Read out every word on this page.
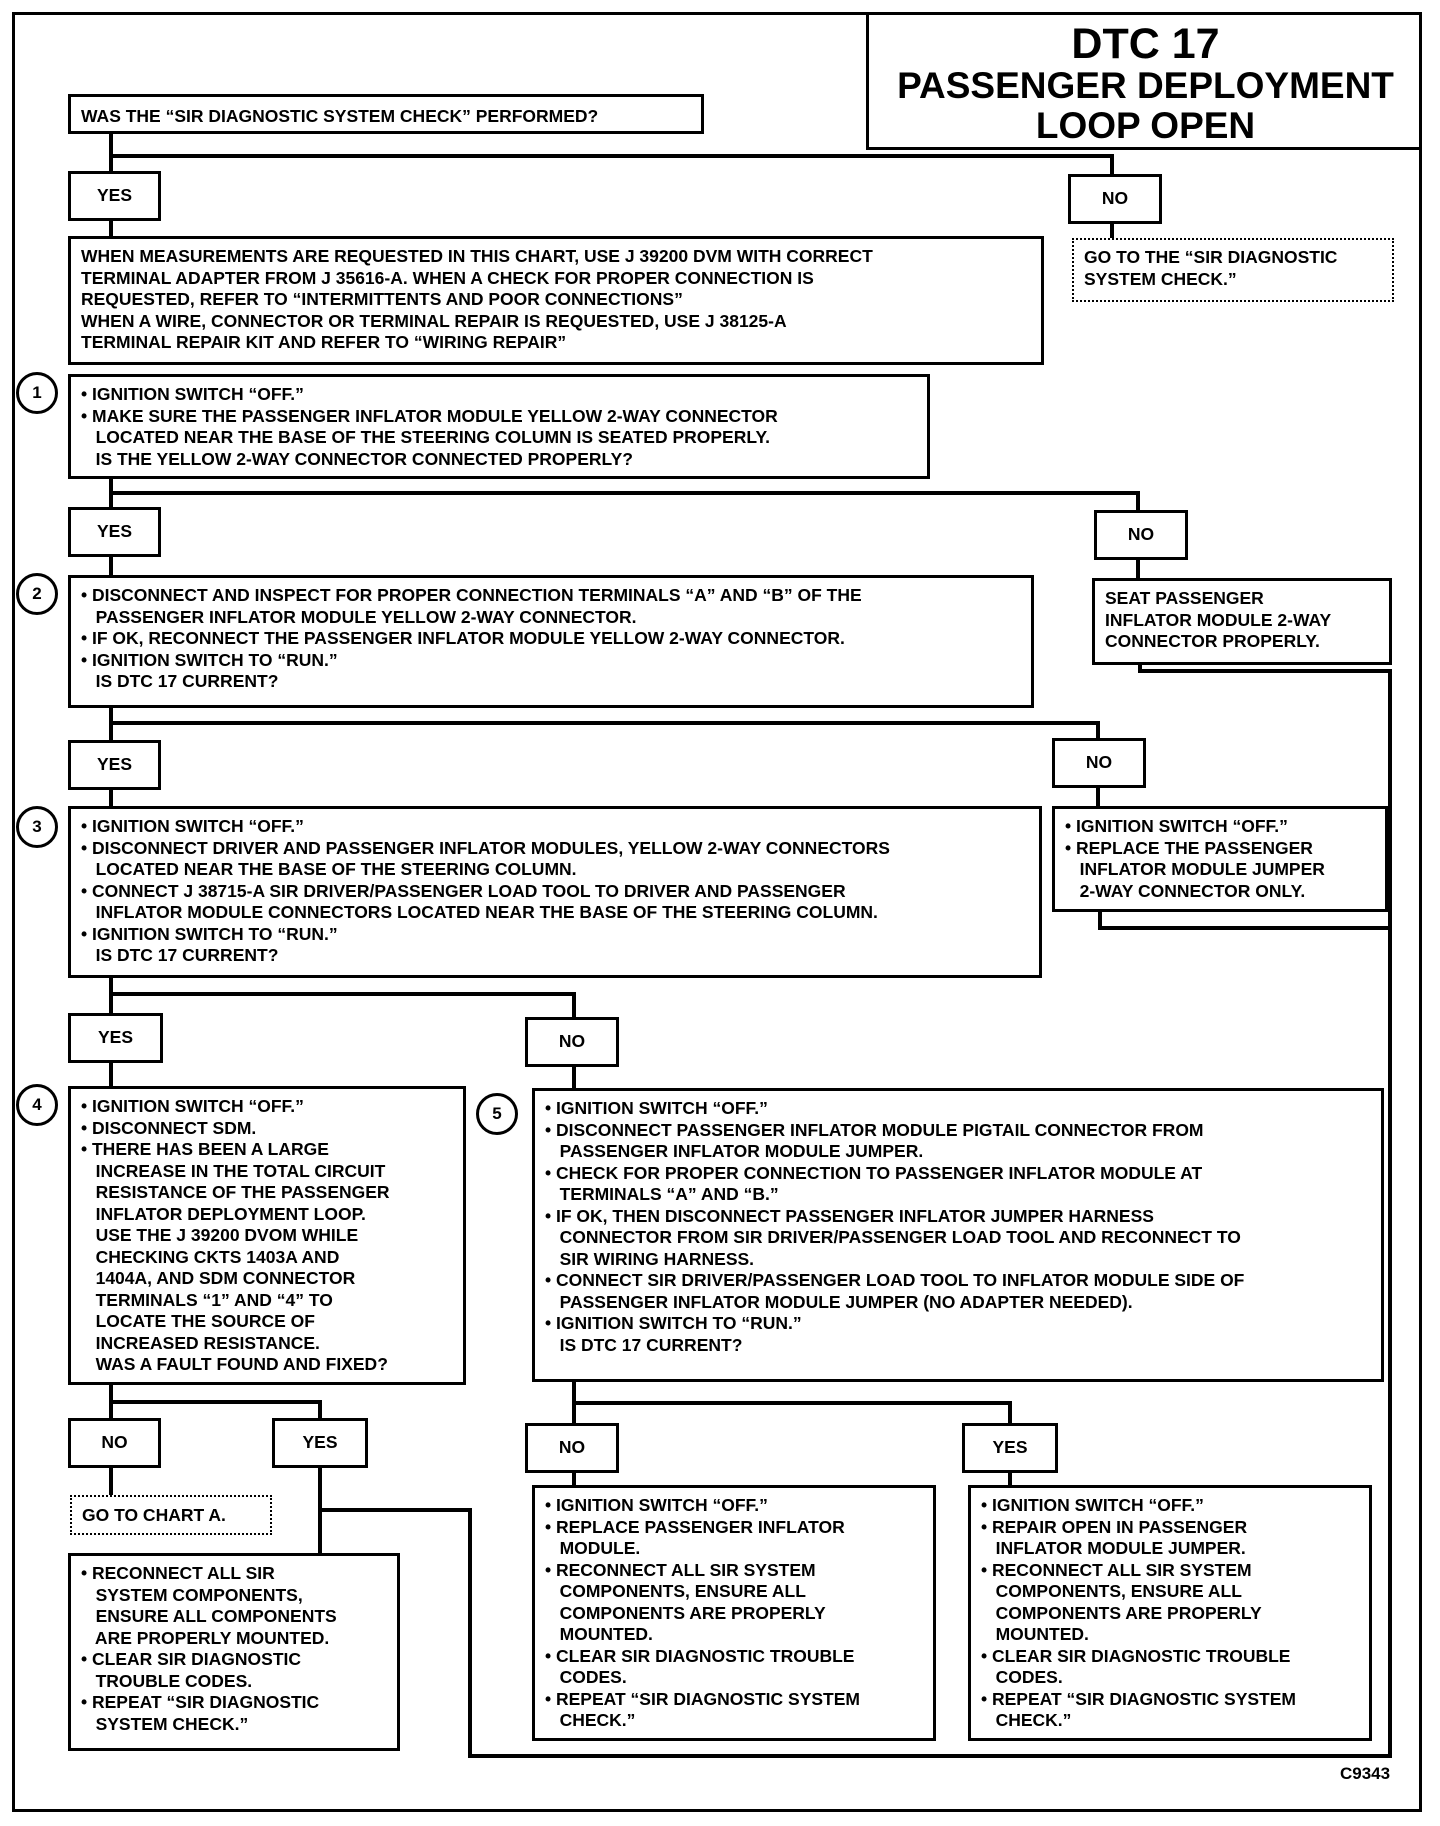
DTC 17
PASSENGER DEPLOYMENT
LOOP OPEN
WAS THE “SIR DIAGNOSTIC SYSTEM CHECK” PERFORMED?
YES	NO
WHEN MEASUREMENTS ARE REQUESTED IN THIS CHART, USE J 39200 DVM WITH CORRECT
TERMINAL ADAPTER FROM J 35616-A. WHEN A CHECK FOR PROPER CONNECTION IS
REQUESTED, REFER TO “INTERMITTENTS AND POOR CONNECTIONS”
WHEN A WIRE, CONNECTOR OR TERMINAL REPAIR IS REQUESTED, USE J 38125-A
TERMINAL REPAIR KIT AND REFER TO “WIRING REPAIR”
GO TO THE “SIR DIAGNOSTIC
SYSTEM CHECK.”
1 • IGNITION SWITCH “OFF.”
• MAKE SURE THE PASSENGER INFLATOR MODULE YELLOW 2-WAY CONNECTOR
LOCATED NEAR THE BASE OF THE STEERING COLUMN IS SEATED PROPERLY.
IS THE YELLOW 2-WAY CONNECTOR CONNECTED PROPERLY?
YES	NO
2 • DISCONNECT AND INSPECT FOR PROPER CONNECTION TERMINALS “A” AND “B” OF THE
PASSENGER INFLATOR MODULE YELLOW 2-WAY CONNECTOR.
• IF OK, RECONNECT THE PASSENGER INFLATOR MODULE YELLOW 2-WAY CONNECTOR.
• IGNITION SWITCH TO “RUN.”
IS DTC 17 CURRENT?
SEAT PASSENGER
INFLATOR MODULE 2-WAY
CONNECTOR PROPERLY.
YES	NO
3 • IGNITION SWITCH “OFF.”
• DISCONNECT DRIVER AND PASSENGER INFLATOR MODULES, YELLOW 2-WAY CONNECTORS
LOCATED NEAR THE BASE OF THE STEERING COLUMN.
• CONNECT J 38715-A SIR DRIVER/PASSENGER LOAD TOOL TO DRIVER AND PASSENGER
INFLATOR MODULE CONNECTORS LOCATED NEAR THE BASE OF THE STEERING COLUMN.
• IGNITION SWITCH TO “RUN.”
IS DTC 17 CURRENT?
• IGNITION SWITCH “OFF.”
• REPLACE THE PASSENGER
INFLATOR MODULE JUMPER
2-WAY CONNECTOR ONLY.
YES	NO
4 • IGNITION SWITCH “OFF.”
• DISCONNECT SDM.
• THERE HAS BEEN A LARGE
INCREASE IN THE TOTAL CIRCUIT
RESISTANCE OF THE PASSENGER
INFLATOR DEPLOYMENT LOOP.
USE THE J 39200 DVOM WHILE
CHECKING CKTS 1403A AND
1404A, AND SDM CONNECTOR
TERMINALS “1” AND “4” TO
LOCATE THE SOURCE OF
INCREASED RESISTANCE.
WAS A FAULT FOUND AND FIXED?
5 • IGNITION SWITCH “OFF.”
• DISCONNECT PASSENGER INFLATOR MODULE PIGTAIL CONNECTOR FROM
PASSENGER INFLATOR MODULE JUMPER.
• CHECK FOR PROPER CONNECTION TO PASSENGER INFLATOR MODULE AT
TERMINALS “A” AND “B.”
• IF OK, THEN DISCONNECT PASSENGER INFLATOR JUMPER HARNESS
CONNECTOR FROM SIR DRIVER/PASSENGER LOAD TOOL AND RECONNECT TO
SIR WIRING HARNESS.
• CONNECT SIR DRIVER/PASSENGER LOAD TOOL TO INFLATOR MODULE SIDE OF
PASSENGER INFLATOR MODULE JUMPER (NO ADAPTER NEEDED).
• IGNITION SWITCH TO “RUN.”
IS DTC 17 CURRENT?
NO	YES	NO	YES
GO TO CHART A.
• RECONNECT ALL SIR
SYSTEM COMPONENTS,
ENSURE ALL COMPONENTS
ARE PROPERLY MOUNTED.
• CLEAR SIR DIAGNOSTIC
TROUBLE CODES.
• REPEAT “SIR DIAGNOSTIC
SYSTEM CHECK.”
• IGNITION SWITCH “OFF.”
• REPLACE PASSENGER INFLATOR
MODULE.
• RECONNECT ALL SIR SYSTEM
COMPONENTS, ENSURE ALL
COMPONENTS ARE PROPERLY
MOUNTED.
• CLEAR SIR DIAGNOSTIC TROUBLE
CODES.
• REPEAT “SIR DIAGNOSTIC SYSTEM
CHECK.”
• IGNITION SWITCH “OFF.”
• REPAIR OPEN IN PASSENGER
INFLATOR MODULE JUMPER.
• RECONNECT ALL SIR SYSTEM
COMPONENTS, ENSURE ALL
COMPONENTS ARE PROPERLY
MOUNTED.
• CLEAR SIR DIAGNOSTIC TROUBLE
CODES.
• REPEAT “SIR DIAGNOSTIC SYSTEM
CHECK.”
C9343
